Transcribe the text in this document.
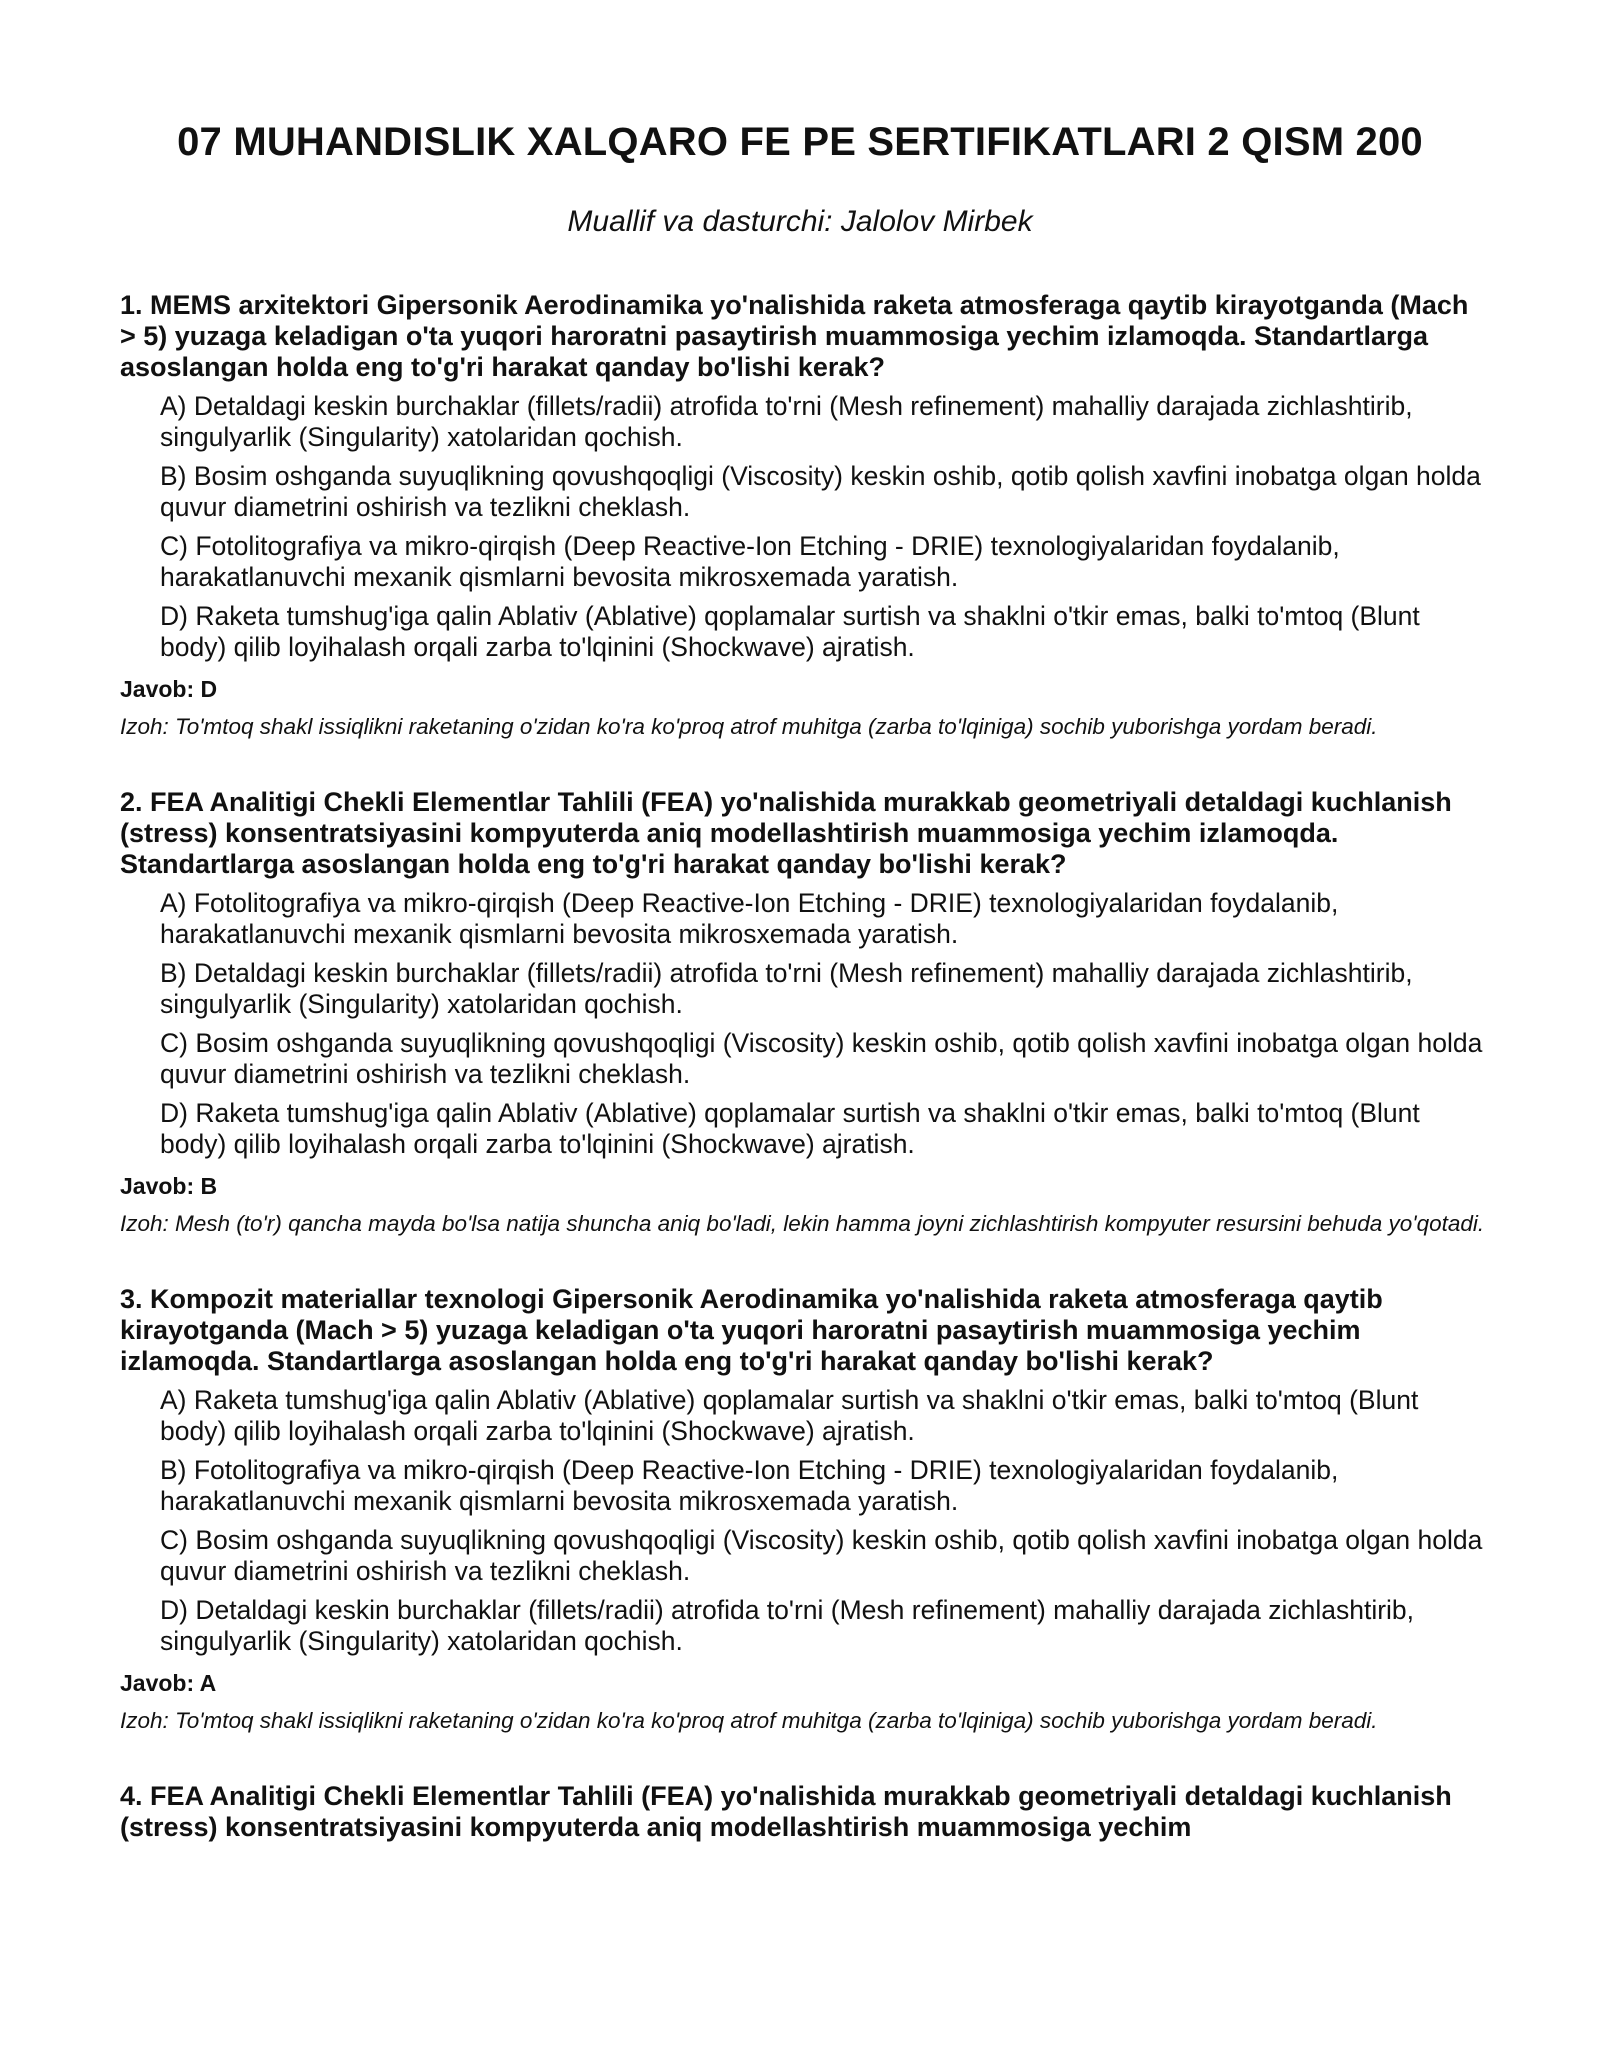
07 MUHANDISLIK XALQARO FE PE SERTIFIKATLARI 2 QISM 200
Muallif va dasturchi: Jalolov Mirbek
1. MEMS arxitektori Gipersonik Aerodinamika yo'nalishida raketa atmosferaga qaytib kirayotganda (Mach > 5) yuzaga keladigan o'ta yuqori haroratni pasaytirish muammosiga yechim izlamoqda. Standartlarga asoslangan holda eng to'g'ri harakat qanday bo'lishi kerak?
A) Detaldagi keskin burchaklar (fillets/radii) atrofida to'rni (Mesh refinement) mahalliy darajada zichlashtirib, singulyarlik (Singularity) xatolaridan qochish.
B) Bosim oshganda suyuqlikning qovushqoqligi (Viscosity) keskin oshib, qotib qolish xavfini inobatga olgan holda quvur diametrini oshirish va tezlikni cheklash.
C) Fotolitografiya va mikro-qirqish (Deep Reactive-Ion Etching - DRIE) texnologiyalaridan foydalanib, harakatlanuvchi mexanik qismlarni bevosita mikrosxemada yaratish.
D) Raketa tumshug'iga qalin Ablativ (Ablative) qoplamalar surtish va shaklni o'tkir emas, balki to'mtoq (Blunt body) qilib loyihalash orqali zarba to'lqinini (Shockwave) ajratish.
Javob: D
Izoh: To'mtoq shakl issiqlikni raketaning o'zidan ko'ra ko'proq atrof muhitga (zarba to'lqiniga) sochib yuborishga yordam beradi.
2. FEA Analitigi Chekli Elementlar Tahlili (FEA) yo'nalishida murakkab geometriyali detaldagi kuchlanish (stress) konsentratsiyasini kompyuterda aniq modellashtirish muammosiga yechim izlamoqda. Standartlarga asoslangan holda eng to'g'ri harakat qanday bo'lishi kerak?
A) Fotolitografiya va mikro-qirqish (Deep Reactive-Ion Etching - DRIE) texnologiyalaridan foydalanib, harakatlanuvchi mexanik qismlarni bevosita mikrosxemada yaratish.
B) Detaldagi keskin burchaklar (fillets/radii) atrofida to'rni (Mesh refinement) mahalliy darajada zichlashtirib, singulyarlik (Singularity) xatolaridan qochish.
C) Bosim oshganda suyuqlikning qovushqoqligi (Viscosity) keskin oshib, qotib qolish xavfini inobatga olgan holda quvur diametrini oshirish va tezlikni cheklash.
D) Raketa tumshug'iga qalin Ablativ (Ablative) qoplamalar surtish va shaklni o'tkir emas, balki to'mtoq (Blunt body) qilib loyihalash orqali zarba to'lqinini (Shockwave) ajratish.
Javob: B
Izoh: Mesh (to'r) qancha mayda bo'lsa natija shuncha aniq bo'ladi, lekin hamma joyni zichlashtirish kompyuter resursini behuda yo'qotadi.
3. Kompozit materiallar texnologi Gipersonik Aerodinamika yo'nalishida raketa atmosferaga qaytib kirayotganda (Mach > 5) yuzaga keladigan o'ta yuqori haroratni pasaytirish muammosiga yechim izlamoqda. Standartlarga asoslangan holda eng to'g'ri harakat qanday bo'lishi kerak?
A) Raketa tumshug'iga qalin Ablativ (Ablative) qoplamalar surtish va shaklni o'tkir emas, balki to'mtoq (Blunt body) qilib loyihalash orqali zarba to'lqinini (Shockwave) ajratish.
B) Fotolitografiya va mikro-qirqish (Deep Reactive-Ion Etching - DRIE) texnologiyalaridan foydalanib, harakatlanuvchi mexanik qismlarni bevosita mikrosxemada yaratish.
C) Bosim oshganda suyuqlikning qovushqoqligi (Viscosity) keskin oshib, qotib qolish xavfini inobatga olgan holda quvur diametrini oshirish va tezlikni cheklash.
D) Detaldagi keskin burchaklar (fillets/radii) atrofida to'rni (Mesh refinement) mahalliy darajada zichlashtirib, singulyarlik (Singularity) xatolaridan qochish.
Javob: A
Izoh: To'mtoq shakl issiqlikni raketaning o'zidan ko'ra ko'proq atrof muhitga (zarba to'lqiniga) sochib yuborishga yordam beradi.
4. FEA Analitigi Chekli Elementlar Tahlili (FEA) yo'nalishida murakkab geometriyali detaldagi kuchlanish (stress) konsentratsiyasini kompyuterda aniq modellashtirish muammosiga yechim
